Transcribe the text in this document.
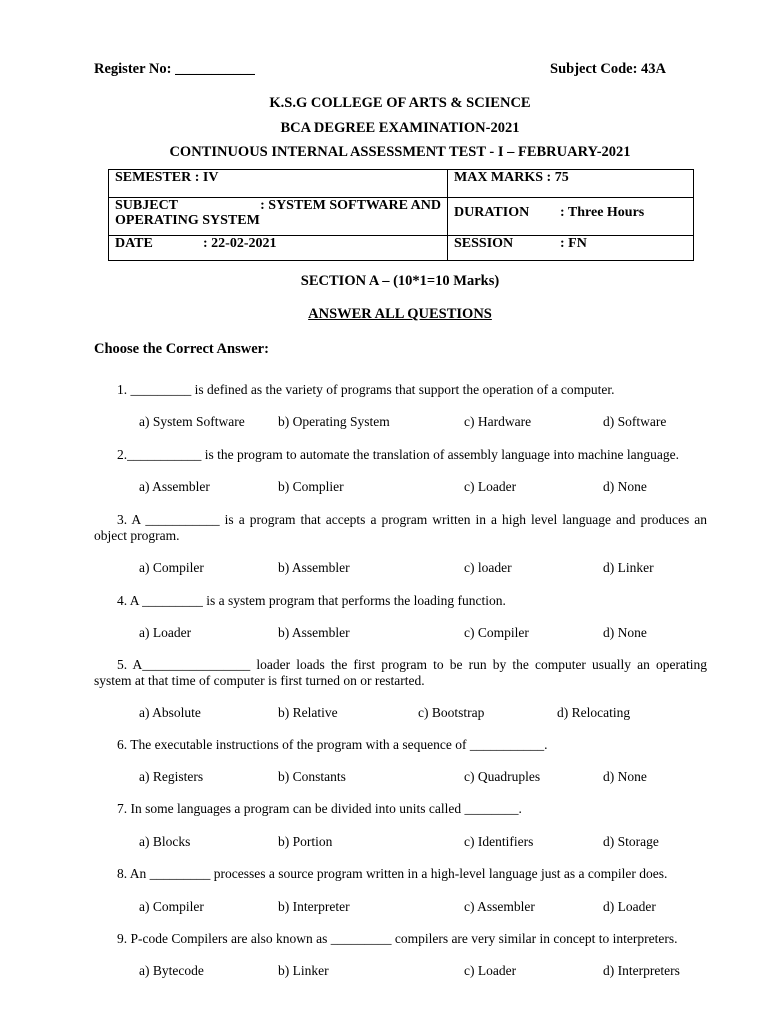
Register No: ___________	Subject Code: 43A
K.S.G COLLEGE OF ARTS & SCIENCE
BCA DEGREE EXAMINATION-2021
CONTINUOUS INTERNAL ASSESSMENT TEST - I – FEBRUARY-2021
SEMESTER : IV	MAX MARKS : 75

SUBJECT : SYSTEM SOFTWARE AND
OPERATING SYSTEM	DURATION : Three Hours
DATE : 22-02-2021	SESSION : FN
SECTION A – (10*1=10 Marks)
ANSWER ALL QUESTIONS
Choose the Correct Answer:
1. _________ is defined as the variety of programs that support the operation of a computer.
a) System Software b) Operating System	c) Hardware	d) Software
2.___________ is the program to automate the translation of assembly language into machine language.
a) Assembler	b) Complier	c) Loader	d) None
3. A ___________ is a program that accepts a program written in a high level language and produces an
object program.
a) Compiler	b) Assembler	c) loader	d) Linker
4. A _________ is a system program that performs the loading function.
a) Loader	b) Assembler	c) Compiler	d) None
5. A________________ loader loads the first program to be run by the computer usually an operating
system at that time of computer is first turned on or restarted.
a) Absolute	b) Relative	c) Bootstrap	d) Relocating
6. The executable instructions of the program with a sequence of ___________.
a) Registers	b) Constants	c) Quadruples	d) None
7. In some languages a program can be divided into units called ________.
a) Blocks	b) Portion	c) Identifiers	d) Storage
8. An _________ processes a source program written in a high-level language just as a compiler does.
a) Compiler	b) Interpreter	c) Assembler	d) Loader
9. P-code Compilers are also known as _________ compilers are very similar in concept to interpreters.
a) Bytecode	b) Linker	c) Loader	d) Interpreters
